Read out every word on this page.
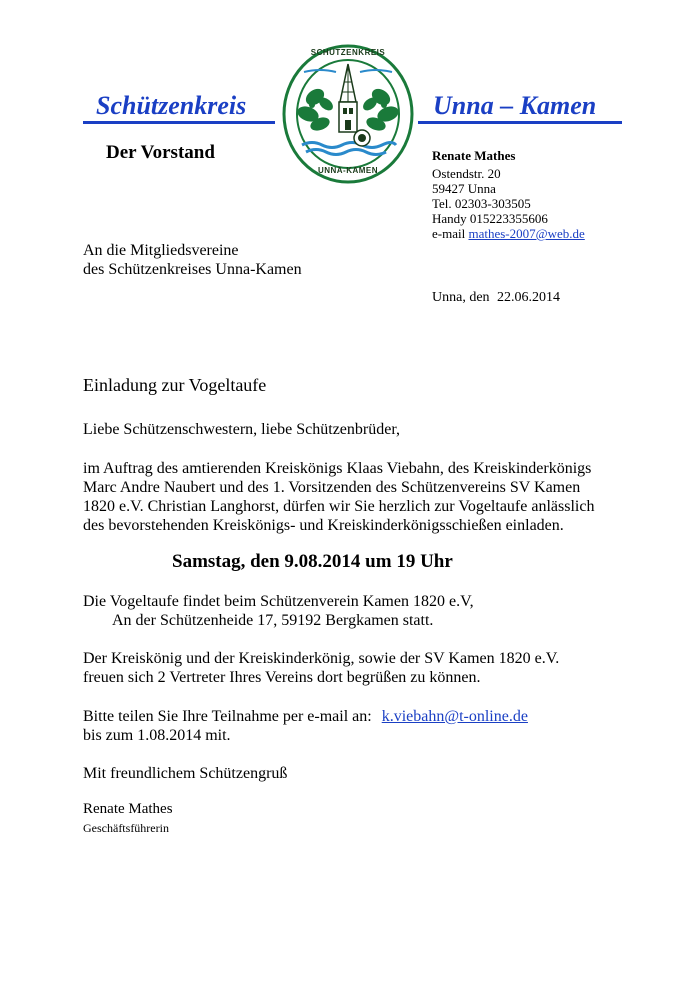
Schützenkreis	Unna – Kamen
SCHÜTZENKREIS
UNNA-KAMEN
Der Vorstand	Renate Mathes
Ostendstr. 20
59427 Unna
Tel. 02303-303505
Handy 015223355606
e-mail mathes-2007@web.de
An die Mitgliedsvereine
des Schützenkreises Unna-Kamen
Unna, den 22.06.2014
Einladung zur Vogeltaufe
Liebe Schützenschwestern, liebe Schützenbrüder,
im Auftrag des amtierenden Kreiskönigs Klaas Viebahn, des Kreiskinderkönigs
Marc Andre Naubert und des 1. Vorsitzenden des Schützenvereins SV Kamen
1820 e.V. Christian Langhorst, dürfen wir Sie herzlich zur Vogeltaufe anlässlich
des bevorstehenden Kreiskönigs- und Kreiskinderkönigsschießen einladen.
Samstag, den 9.08.2014 um 19 Uhr
Die Vogeltaufe findet beim Schützenverein Kamen 1820 e.V,
An der Schützenheide 17, 59192 Bergkamen statt.
Der Kreiskönig und der Kreiskinderkönig, sowie der SV Kamen 1820 e.V.
freuen sich 2 Vertreter Ihres Vereins dort begrüßen zu können.
Bitte teilen Sie Ihre Teilnahme per e-mail an: k.viebahn@t-online.de
bis zum 1.08.2014 mit.
Mit freundlichem Schützengruß
Renate Mathes
Geschäftsführerin
